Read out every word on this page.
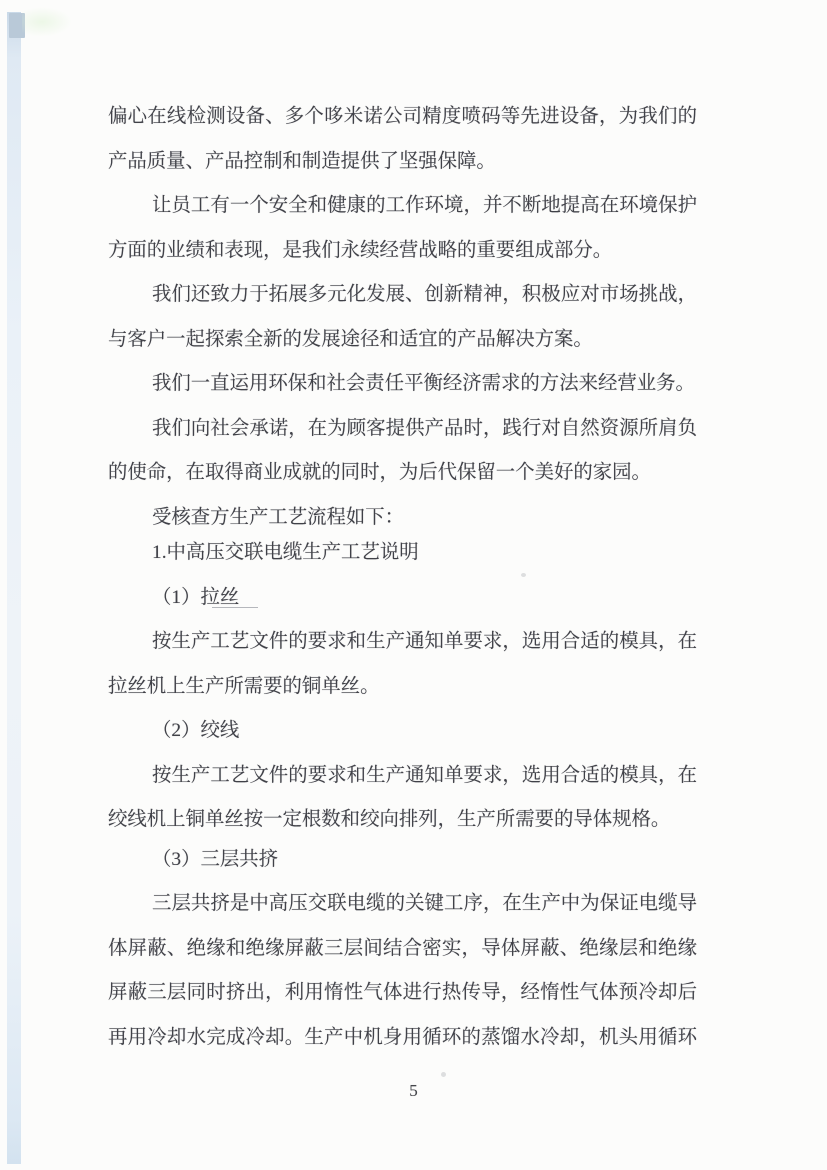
偏心在线检测设备、多个哆米诺公司精度喷码等先进设备，为我们的
产品质量、产品控制和制造提供了坚强保障。
让员工有一个安全和健康的工作环境，并不断地提高在环境保护
方面的业绩和表现，是我们永续经营战略的重要组成部分。
我们还致力于拓展多元化发展、创新精神，积极应对市场挑战，
与客户一起探索全新的发展途径和适宜的产品解决方案。
我们一直运用环保和社会责任平衡经济需求的方法来经营业务。
我们向社会承诺，在为顾客提供产品时，践行对自然资源所肩负
的使命，在取得商业成就的同时，为后代保留一个美好的家园。
受核查方生产工艺流程如下：
1.中高压交联电缆生产工艺说明
（1）拉丝
按生产工艺文件的要求和生产通知单要求，选用合适的模具，在
拉丝机上生产所需要的铜单丝。
（2）绞线
按生产工艺文件的要求和生产通知单要求，选用合适的模具，在
绞线机上铜单丝按一定根数和绞向排列，生产所需要的导体规格。
（3）三层共挤
三层共挤是中高压交联电缆的关键工序，在生产中为保证电缆导
体屏蔽、绝缘和绝缘屏蔽三层间结合密实，导体屏蔽、绝缘层和绝缘
屏蔽三层同时挤出，利用惰性气体进行热传导，经惰性气体预冷却后
再用冷却水完成冷却。生产中机身用循环的蒸馏水冷却，机头用循环
5
